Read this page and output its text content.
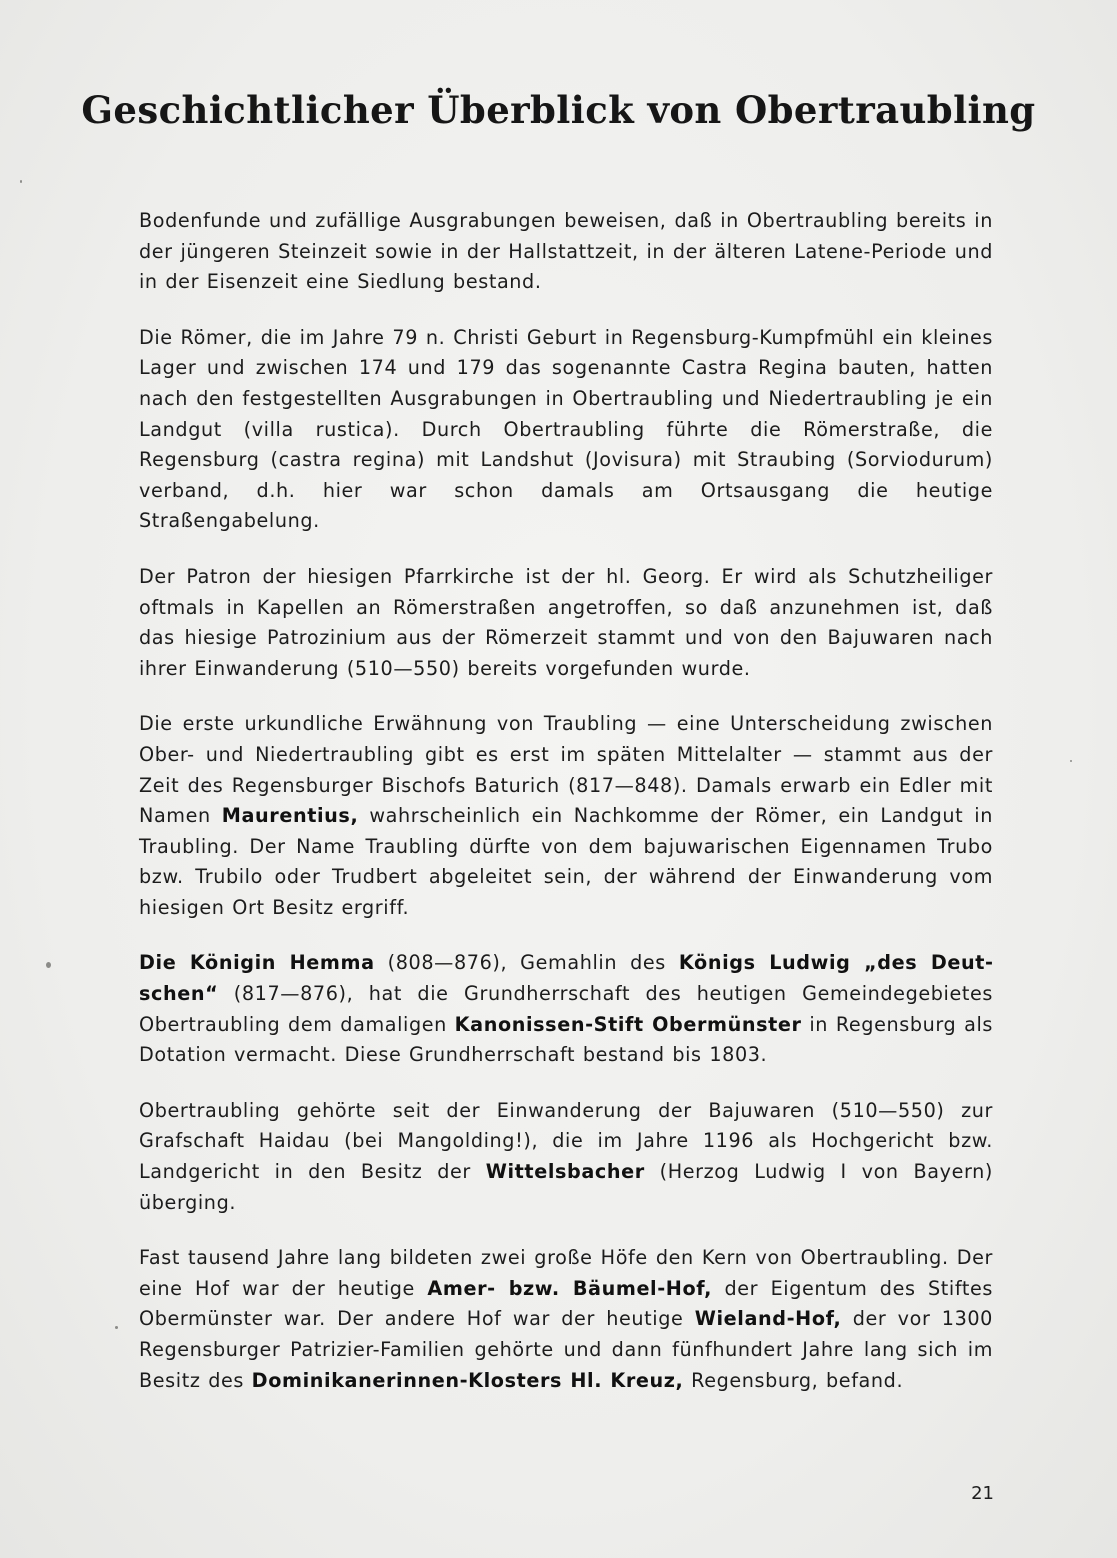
Geschichtlicher Überblick von Obertraubling

Bodenfunde und zufällige Ausgrabungen beweisen, daß in Obertraubling bereits in der jüngeren Steinzeit sowie in der Hallstattzeit, in der älteren Latene-Periode und in der Eisenzeit eine Siedlung bestand.

Die Römer, die im Jahre 79 n. Christi Geburt in Regensburg-Kumpfmühl ein kleines Lager und zwischen 174 und 179 das sogenannte Castra Regina bauten, hatten nach den festgestellten Ausgrabungen in Obertraubling und Niedertraubling je ein Landgut (villa rustica). Durch Obertraubling führte die Römerstraße, die Regensburg (castra regina) mit Landshut (Jovisura) mit Straubing (Sorviodurum) verband, d.h. hier war schon damals am Ortsausgang die heutige Straßengabelung.

Der Patron der hiesigen Pfarrkirche ist der hl. Georg. Er wird als Schutzheiliger oftmals in Kapellen an Römerstraßen angetroffen, so daß anzunehmen ist, daß das hiesige Patrozinium aus der Römerzeit stammt und von den Bajuwaren nach ihrer Einwanderung (510—550) bereits vorgefunden wurde.

Die erste urkundliche Erwähnung von Traubling — eine Unterscheidung zwischen Ober- und Niedertraubling gibt es erst im späten Mittelalter — stammt aus der Zeit des Regensburger Bischofs Baturich (817—848). Damals erwarb ein Edler mit Namen Maurentius, wahrscheinlich ein Nachkomme der Römer, ein Landgut in Traubling. Der Name Traubling dürfte von dem bajuwarischen Eigennamen Trubo bzw. Trubilo oder Trudbert abgeleitet sein, der während der Einwanderung vom hiesigen Ort Besitz ergriff.

Die Königin Hemma (808—876), Gemahlin des Königs Ludwig „des Deutschen“ (817—876), hat die Grundherrschaft des heutigen Gemeindegebietes Obertraubling dem damaligen Kanonissen-Stift Obermünster in Regensburg als Dotation vermacht. Diese Grundherrschaft bestand bis 1803.

Obertraubling gehörte seit der Einwanderung der Bajuwaren (510—550) zur Grafschaft Haidau (bei Mangolding!), die im Jahre 1196 als Hochgericht bzw. Landgericht in den Besitz der Wittelsbacher (Herzog Ludwig I von Bayern) überging.

Fast tausend Jahre lang bildeten zwei große Höfe den Kern von Obertraubling. Der eine Hof war der heutige Amer- bzw. Bäumel-Hof, der Eigentum des Stiftes Obermünster war. Der andere Hof war der heutige Wieland-Hof, der vor 1300 Regensburger Patrizier-Familien gehörte und dann fünfhundert Jahre lang sich im Besitz des Dominikanerinnen-Klosters Hl. Kreuz, Regensburg, befand.

21
